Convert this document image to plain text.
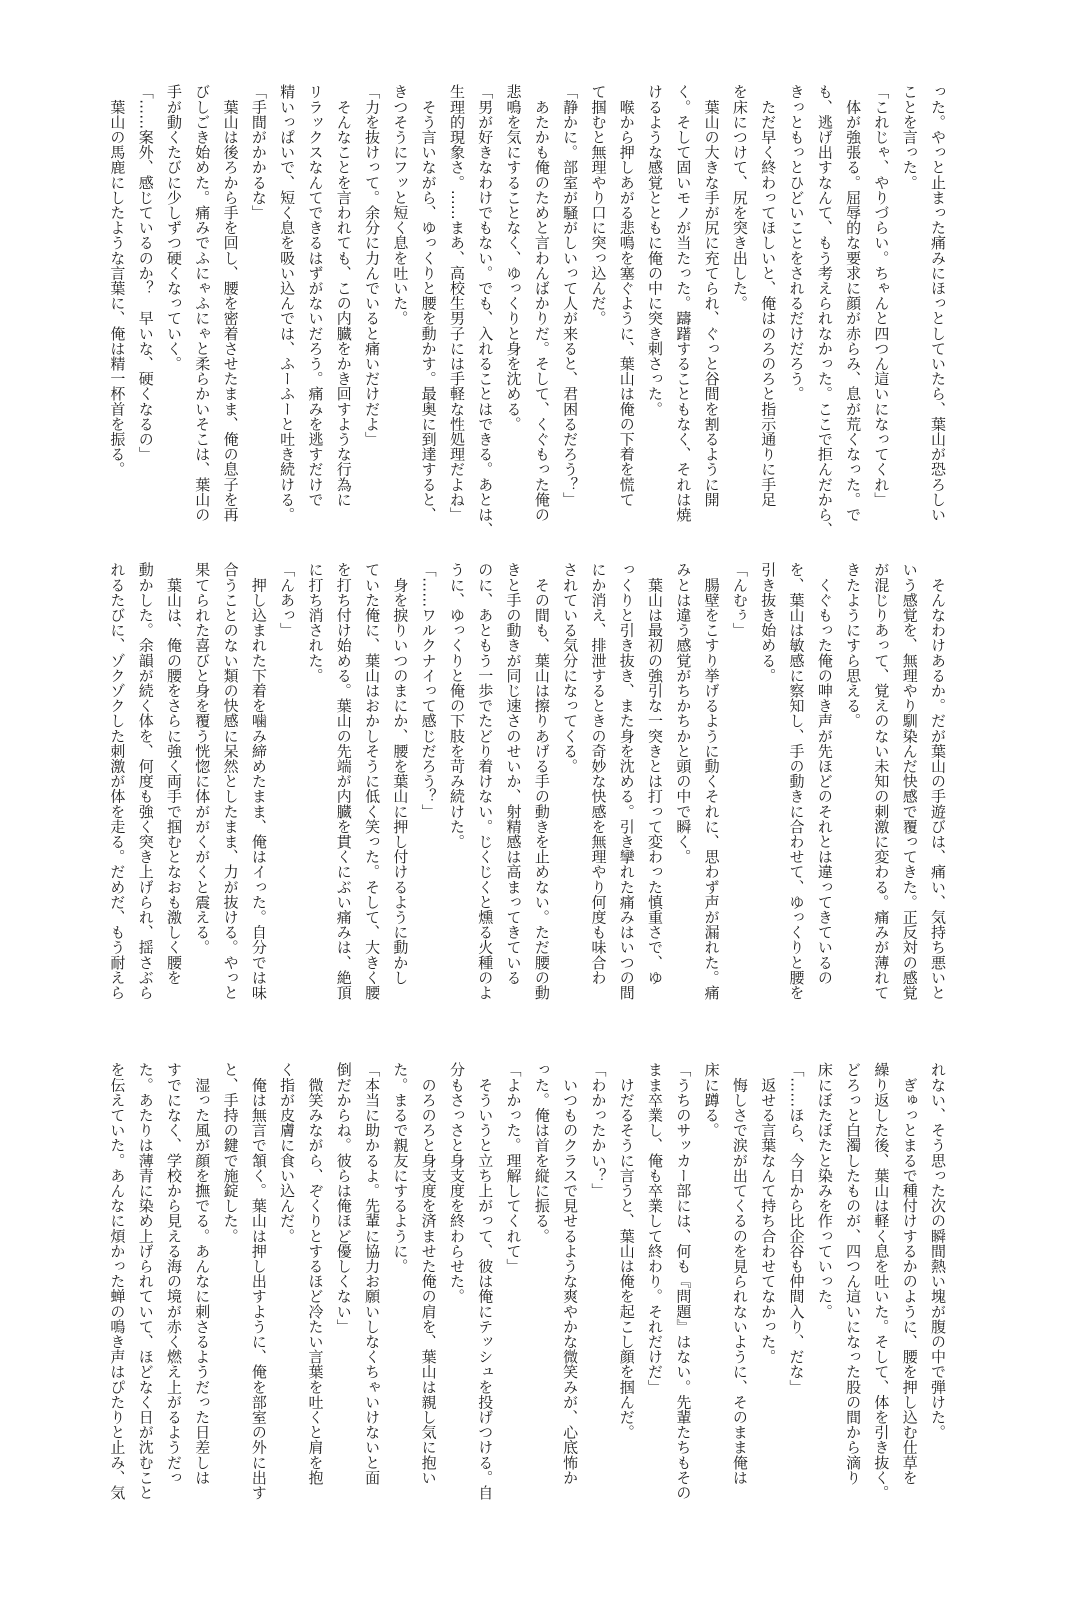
った。やっと止まった痛みにほっとしていたら、葉山が恐ろしい
ことを言った。
「これじゃ、やりづらい。ちゃんと四つん這いになってくれ」
　体が強張る。屈辱的な要求に顔が赤らみ、息が荒くなった。で
も、逃げ出すなんて、もう考えられなかった。ここで拒んだから、
きっともっとひどいことをされるだけだろう。
　ただ早く終わってほしいと、俺はのろのろと指示通りに手足
を床につけて、尻を突き出した。
　葉山の大きな手が尻に充てられ、ぐっと谷間を割るように開
く。そして固いモノが当たった。躊躇することもなく、それは焼
けるような感覚とともに俺の中に突き刺さった。
　喉から押しあがる悲鳴を塞ぐように、葉山は俺の下着を慌て
て掴むと無理やり口に突っ込んだ。
「静かに。部室が騒がしいって人が来ると、君困るだろう？」
　あたかも俺のためと言わんばかりだ。そして、くぐもった俺の
悲鳴を気にすることなく、ゆっくりと身を沈める。
「男が好きなわけでもない。でも、入れることはできる。あとは、
生理的現象さ。……まあ、高校生男子には手軽な性処理だよね」
　そう言いながら、ゆっくりと腰を動かす。最奥に到達すると、
きつそうにフッと短く息を吐いた。
「力を抜けって。余分に力んでいると痛いだけだよ」
　そんなことを言われても、この内臓をかき回すような行為に
リラックスなんてできるはずがないだろう。痛みを逃すだけで
精いっぱいで、短く息を吸い込んでは、ふーふーと吐き続ける。
「手間がかかるな」
　葉山は後ろから手を回し、腰を密着させたまま、俺の息子を再
びしごき始めた。痛みでふにゃふにゃと柔らかいそこは、葉山の
手が動くたびに少しずつ硬くなっていく。
「……案外、感じているのか？　早いな、硬くなるの」
　葉山の馬鹿にしたような言葉に、俺は精一杯首を振る。
　そんなわけあるか。だが葉山の手遊びは、痛い、気持ち悪いと
いう感覚を、無理やり馴染んだ快感で覆ってきた。正反対の感覚
が混じりあって、覚えのない未知の刺激に変わる。痛みが薄れて
きたようにすら思える。
　くぐもった俺の呻き声が先ほどのそれとは違ってきているの
を、葉山は敏感に察知し、手の動きに合わせて、ゆっくりと腰を
引き抜き始める。
「んむぅ」
　腸壁をこすり挙げるように動くそれに、思わず声が漏れた。痛
みとは違う感覚がちかちかと頭の中で瞬く。
　葉山は最初の強引な一突きとは打って変わった慎重さで、ゆ
っくりと引き抜き、また身を沈める。引き攣れた痛みはいつの間
にか消え、排泄するときの奇妙な快感を無理やり何度も味合わ
されている気分になってくる。
　その間も、葉山は擦りあげる手の動きを止めない。ただ腰の動
きと手の動きが同じ速さのせいか、射精感は高まってきている
のに、あともう一歩でたどり着けない。じくじくと燻る火種のよ
うに、ゆっくりと俺の下肢を苛み続けた。
「……ワルクナイって感じだろう？」
　身を捩りいつのまにか、腰を葉山に押し付けるように動かし
ていた俺に、葉山はおかしそうに低く笑った。そして、大きく腰
を打ち付け始める。葉山の先端が内臓を貫くにぶい痛みは、絶頂
に打ち消された。
「んあっ」
　押し込まれた下着を噛み締めたまま、俺はイった。自分では味
合うことのない類の快感に呆然としたまま、力が抜ける。やっと
果てられた喜びと身を覆う恍惚に体ががくがくと震える。
　葉山は、俺の腰をさらに強く両手で掴むとなおも激しく腰を
動かした。余韻が続く体を、何度も強く突き上げられ、揺さぶら
れるたびに、ゾクゾクした刺激が体を走る。だめだ、もう耐えら
れない、そう思った次の瞬間熱い塊が腹の中で弾けた。
　ぎゅっとまるで種付けするかのように、腰を押し込む仕草を
繰り返した後、葉山は軽く息を吐いた。そして、体を引き抜く。
どろっと白濁したものが、四つん這いになった股の間から滴り
床にぼたぼたと染みを作っていった。
「……ほら、今日から比企谷も仲間入り、だな」
　返せる言葉なんて持ち合わせてなかった。
　悔しさで涙が出てくるのを見られないように、そのまま俺は
床に蹲る。
「うちのサッカー部には、何も『問題』はない。先輩たちもその
まま卒業し、俺も卒業して終わり。それだけだ」
　けだるそうに言うと、葉山は俺を起こし顔を掴んだ。
「わかったかい？」
　いつものクラスで見せるような爽やかな微笑みが、心底怖か
った。俺は首を縦に振る。
「よかった。理解してくれて」
　そういうと立ち上がって、彼は俺にテッシュを投げつける。自
分もさっさと身支度を終わらせた。
　のろのろと身支度を済ませた俺の肩を、葉山は親し気に抱い
た。まるで親友にするように。
「本当に助かるよ。先輩に協力お願いしなくちゃいけないと面
倒だからね。彼らは俺ほど優しくない」
　微笑みながら、ぞくりとするほど冷たい言葉を吐くと肩を抱
く指が皮膚に食い込んだ。
　俺は無言で頷く。葉山は押し出すように、俺を部室の外に出す
と、手持の鍵で施錠した。
　湿った風が顔を撫でる。あんなに刺さるようだった日差しは
すでになく、学校から見える海の境が赤く燃え上がるようだっ
た。あたりは薄青に染め上げられていて、ほどなく日が沈むこと
を伝えていた。あんなに煩かった蝉の鳴き声はぴたりと止み、気
